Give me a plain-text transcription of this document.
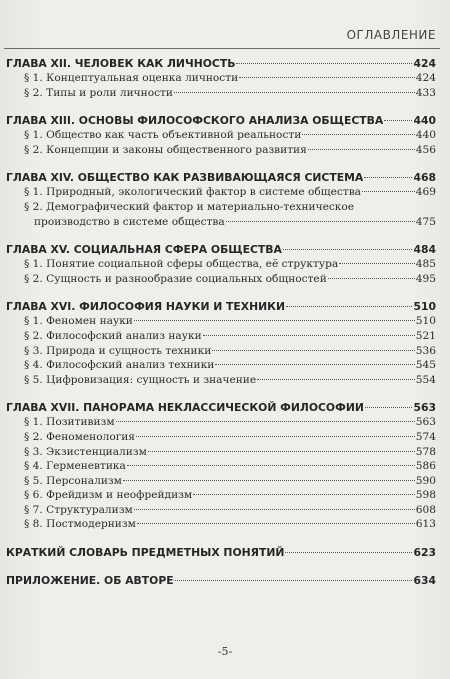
ОГЛАВЛЕНИЕ
ГЛАВА XII. ЧЕЛОВЕК КАК ЛИЧНОСТЬ	424
§ 1. Концептуальная оценка личности	424
§ 2. Типы и роли личности	433
ГЛАВА XIII. ОСНОВЫ ФИЛОСОФСКОГО АНАЛИЗА ОБЩЕСТВА	440
§ 1. Общество как часть объективной реальности	440
§ 2. Концепции и законы общественного развития	456
ГЛАВА XIV. ОБЩЕСТВО КАК РАЗВИВАЮЩАЯСЯ СИСТЕМА	468
§ 1. Природный, экологический фактор в системе общества	469
§ 2. Демографический фактор и материально-техническое
производство в системе общества	475
ГЛАВА XV. СОЦИАЛЬНАЯ СФЕРА ОБЩЕСТВА	484
§ 1. Понятие социальной сферы общества, её структура	485
§ 2. Сущность и разнообразие социальных общностей	495
ГЛАВА XVI. ФИЛОСОФИЯ НАУКИ И ТЕХНИКИ	510
§ 1. Феномен науки	510
§ 2. Философский анализ науки	521
§ 3. Природа и сущность техники	536
§ 4. Философский анализ техники	545
§ 5. Цифровизация: сущность и значение	554
ГЛАВА XVII. ПАНОРАМА НЕКЛАССИЧЕСКОЙ ФИЛОСОФИИ	563
§ 1. Позитивизм	563
§ 2. Феноменология	574
§ 3. Экзистенциализм	578
§ 4. Герменевтика	586
§ 5. Персонализм	590
§ 6. Фрейдизм и неофрейдизм	598
§ 7. Структурализм	608
§ 8. Постмодернизм	613
КРАТКИЙ СЛОВАРЬ ПРЕДМЕТНЫХ ПОНЯТИЙ	623
ПРИЛОЖЕНИЕ. ОБ АВТОРЕ	634
-5-
